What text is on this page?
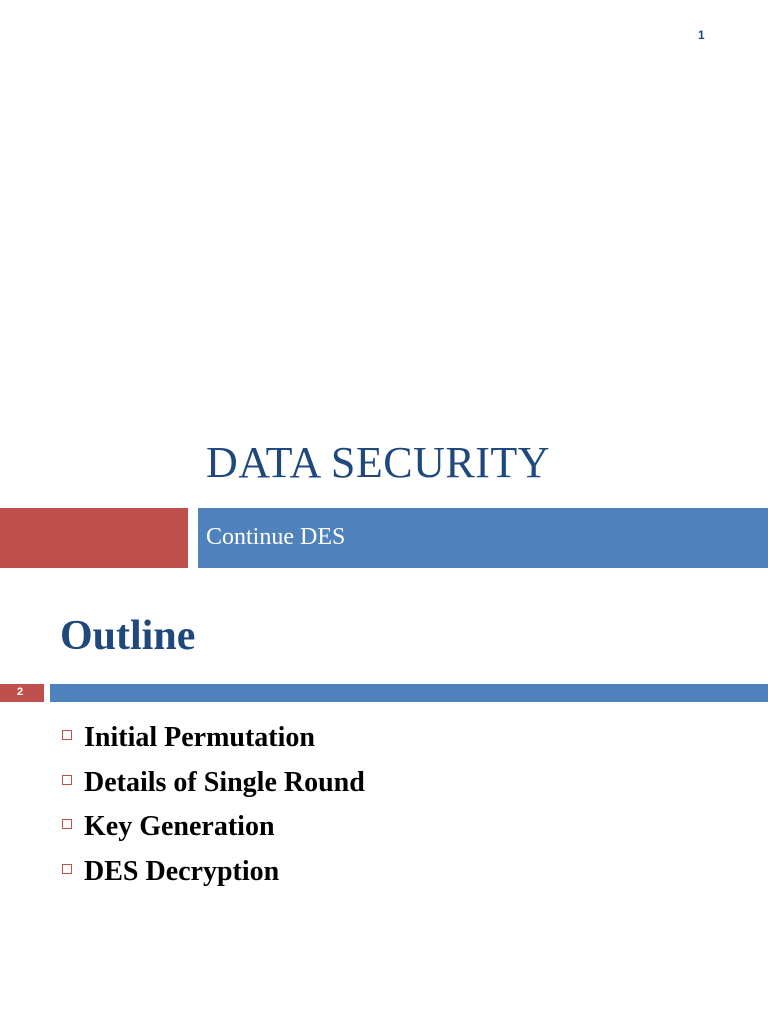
1
DATA SECURITY
Continue DES
Outline
2
Initial Permutation
Details of Single Round
Key Generation
DES Decryption
